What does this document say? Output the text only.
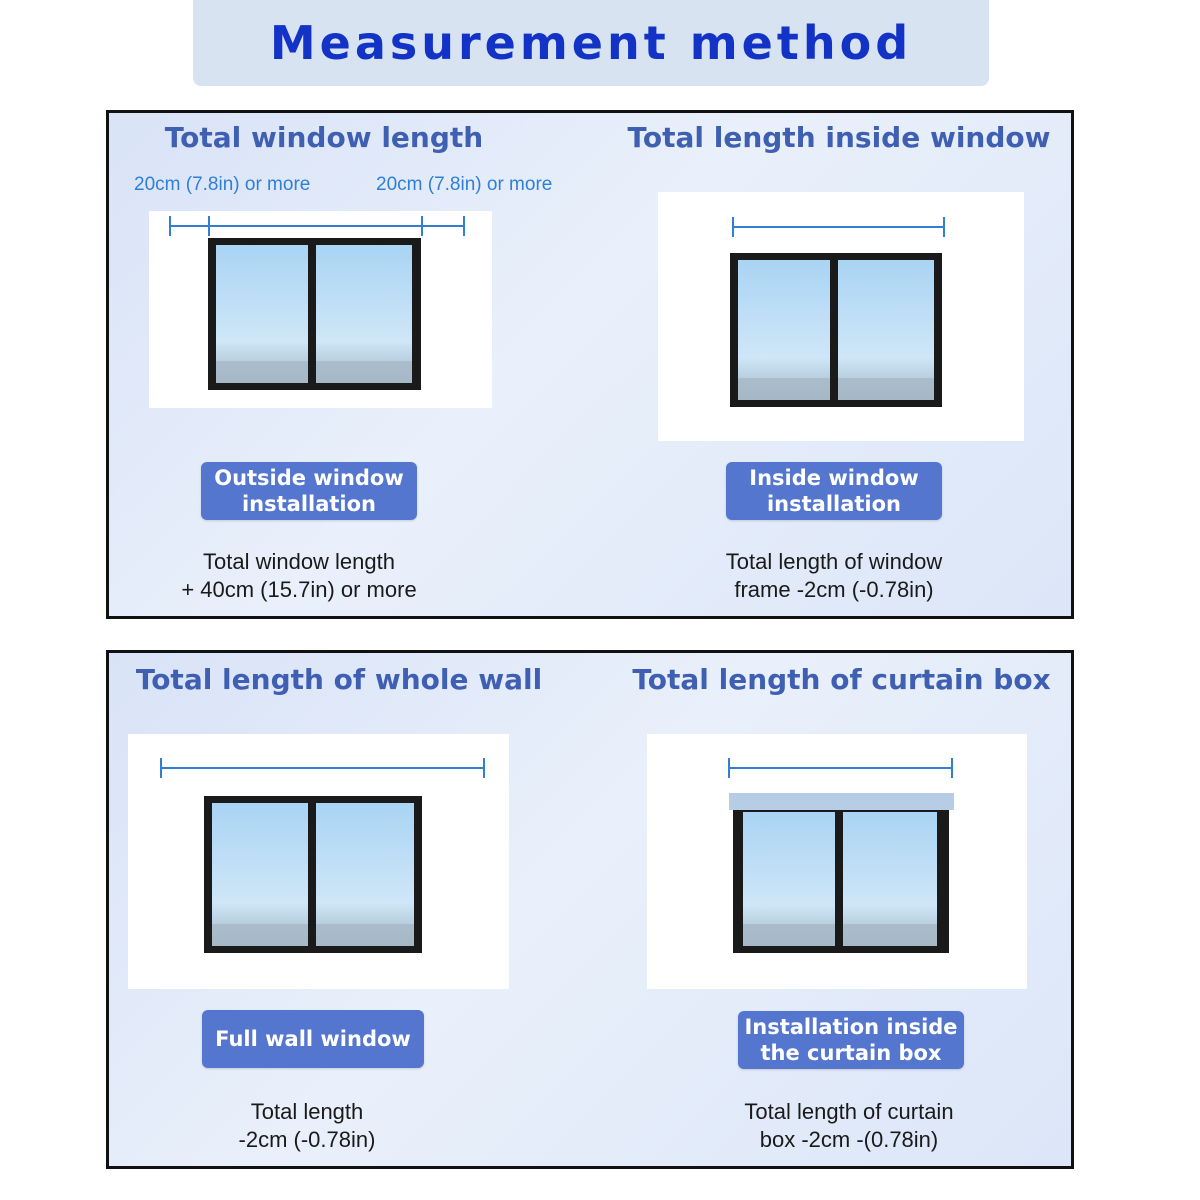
Measurement method
Total window length
20cm (7.8in) or more	20cm (7.8in) or more
Outside window
installation
Total window length
+ 40cm (15.7in) or more
Total length inside window
Inside window
installation
Total length of window
frame -2cm (-0.78in)
Total length of whole wall
Full wall window
Total length
-2cm (-0.78in)
Total length of curtain box
Installation inside
the curtain box
Total length of curtain
box -2cm -(0.78in)
